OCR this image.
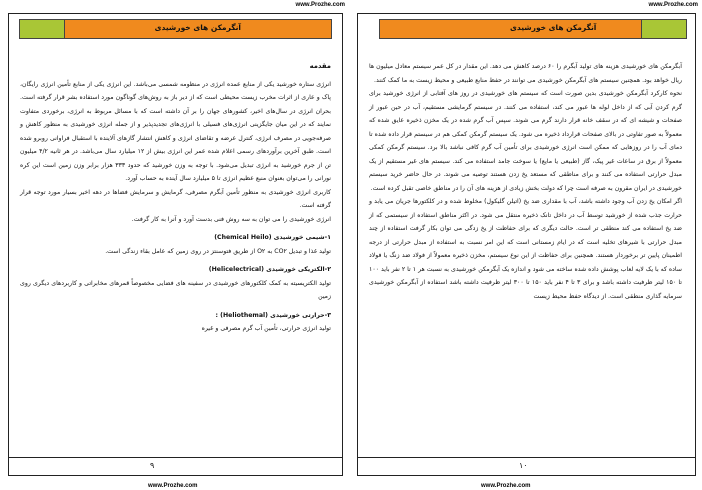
www.Prozhe.com
آنگرمکن های خورشیدی

مقدمه

انرژی ستاره خورشید یکی از منابع عمده انرژی در منظومه شمسی می‌باشد. این انرژی یکی از منابع تأمین انرژی رایگان، پاک و عاری از اثرات مخرب زیست محیطی است که از دیر باز به روش‌های گوناگون مورد استفاده بشر قرار گرفته است. بحران انرژی در سال‌های اخیر، کشورهای جهان را بر آن داشته است که با مسائل مربوط به انرژی، برخوردی متفاوت نمایند که در این میان جایگزینی انرژی‌های فسیلی با انرژی‌های تجدیدپذیر و از جمله انرژی خورشیدی به منظور کاهش و صرفه‌جویی در مصرف انرژی، کنترل عرضه و تقاضای انرژی و کاهش انتشار گازهای آلاینده با استقبال فراوانی روبرو شده است. طبق آخرین برآوردهای رسمی اعلام شده عمر این انرژی بیش از ۱۲ میلیارد سال می‌باشد. در هر ثانیه ۴/۲ میلیون تن از جرم خورشید به انرژی تبدیل می‌شود. با توجه به وزن خورشید که حدود ۳۳۳ هزار برابر وزن زمین است این کره نورانی را می‌توان بعنوان منبع عظیم انرژی تا ۵ میلیارد سال آینده به حساب آورد.

کاربری انرژی خورشیدی به منظور تأمین آبگرم مصرفی، گرمایش و سرمایش فضاها در دهه اخیر بسیار مورد توجه قرار گرفته است.

انرژی خورشیدی را می توان به سه روش فنی بدست آورد و آنرا به کار گرفت.

۱-شیمی خورشیدی (Chemical Heilo)

تولید غذا و تبدیل CO۲ به O۲ از طریق فتوسنتز در روی زمین که عامل بقاء زندگی است.

۲-الکتریکی خورشیدی (Helicelectrical)

تولید الکتریسیته به کمک کلکتورهای خورشیدی در سفینه های فضایی مخصوصاً قمرهای مخابراتی و کاربردهای دیگری روی زمین

۳-حرارتی خورشیدی (Heliothemal) :

تولید انرژی حرارتی، تأمین آب گرم مصرفی و غیره

۹
www.Prozhe.com
www.Prozhe.com
آنگرمکن های خورشیدی

آبگرمکن های خورشیدی هزینه های تولید آبگرم را ۶۰ درصد کاهش می دهد. این مقدار در کل عمر سیستم معادل میلیون ها ریال خواهد بود. همچنین سیستم های آبگرمکن خورشیدی می توانند در حفظ منابع طبیعی و محیط زیست به ما کمک کنند.

نحوه کارکرد آبگرمکن خورشیدی بدین صورت است که سیستم های خورشیدی در روز های آفتابی از انرژی خورشید برای گرم کردن آبی که از داخل لوله ها عبور می کند، استفاده می کنند. در سیستم گرمایشی مستقیم، آب در حین عبور از صفحات و شیشه ای که در سقف خانه قرار دارند گرم می شوند. سپس آب گرم شده در یک مخزن ذخیره عایق شده که معمولاً به صور تفاوتی در بالای صفحات قرارداد ذخیره می شود. یک سیستم گرمکن کمکی هم در سیستم قرار داده شده تا دمای آب را در روزهایی که ممکن است انرژی خورشیدی برای تأمین آب گرم کافی نباشد بالا برد. سیستم گرمکن کمکی معمولاً از برق در ساعات غیر پیک، گاز (طبیعی یا مایع) یا سوخت جامد استفاده می کند. سیستم های غیر مستقیم از یک مبدل حرارتی استفاده می کنند و برای مناطقی که مستعد یخ زدن هستند توصیه می شوند. در حال حاضر خرید سیستم خورشیدی در ایران مقرون به صرفه است چرا که دولت بخش زیادی از هزینه های آن را در مناطق خاصی تقبل کرده است.

اگر امکان یخ زدن آب وجود داشته باشد، آب با مقداری ضد یخ (اتیلن گلیکول) مخلوط شده و در کلکتورها جریان می یابد و حرارت جذب شده از خورشید توسط آب در داخل تانک ذخیره منتقل می شود. در اکثر مناطق استفاده از سیستمی که از ضد یخ استفاده می کند منطقی تر است. حالت دیگری که برای حفاظت از یخ زدگی می توان بکار گرفت استفاده از چند مبدل حرارتی با شیرهای تخلیه است که در ایام زمستانی است که این امر نسبت به استفاده از مبدل حرارتی از درجه اطمینان پایین تر برخوردار هستند. همچنین برای حفاظت از این نوع سیستم، مخزن ذخیره معمولاً از فولاد ضد زنگ یا فولاد ساده که با یک لایه لعاب پوشش داده شده ساخته می شود و اندازه یک آبگرمکن خورشیدی به نسبت هر ۱ تا ۲ نفر باید ۱۰۰ تا ۱۵۰ لیتر ظرفیت داشته باشد و برای ۳ تا ۴ نفر باید ۱۵۰ تا ۳۰۰ لیتر ظرفیت داشته باشد استفاده از آبگرمکن خورشیدی سرمایه گذاری منطقی است. از دیدگاه حفظ محیط زیست

۱۰
www.Prozhe.com
